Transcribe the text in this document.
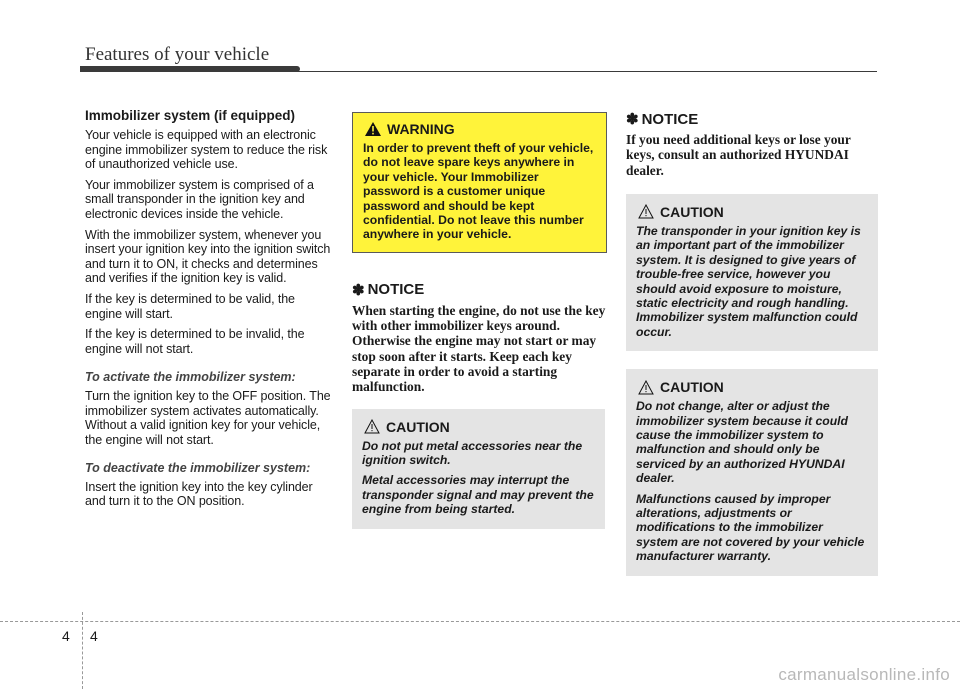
Features of your vehicle
Immobilizer system (if equipped)

Your vehicle is equipped with an electronic engine immobilizer system to reduce the risk of unauthorized vehicle use.

Your immobilizer system is comprised of a small transponder in the ignition key and electronic devices inside the vehicle.

With the immobilizer system, whenever you insert your ignition key into the ignition switch and turn it to ON, it checks and determines and verifies if the ignition key is valid.

If the key is determined to be valid, the engine will start.

If the key is determined to be invalid, the engine will not start.

To activate the immobilizer system:

Turn the ignition key to the OFF position. The immobilizer system activates automatically. Without a valid ignition key for your vehicle, the engine will not start.

To deactivate the immobilizer system:

Insert the ignition key into the key cylinder and turn it to the ON position.

WARNING
In order to prevent theft of your vehicle, do not leave spare keys anywhere in your vehicle. Your Immobilizer password is a customer unique password and should be kept confidential. Do not leave this number anywhere in your vehicle.
✽ NOTICE
When starting the engine, do not use the key with other immobilizer keys around. Otherwise the engine may not start or may stop soon after it starts. Keep each key separate in order to avoid a starting malfunction.
CAUTION

Do not put metal accessories near the ignition switch.

Metal accessories may interrupt the transponder signal and may prevent the engine from being started.

✽ NOTICE
If you need additional keys or lose your keys, consult an authorized HYUNDAI dealer.
CAUTION

The transponder in your ignition key is an important part of the immobilizer system. It is designed to give years of trouble-free service, however you should avoid exposure to moisture, static electricity and rough handling. Immobilizer system malfunction could occur.

CAUTION

Do not change, alter or adjust the immobilizer system because it could cause the immobilizer system to malfunction and should only be serviced by an authorized HYUNDAI dealer.

Malfunctions caused by improper alterations, adjustments or modifications to the immobilizer system are not covered by your vehicle manufacturer warranty.

4 4
carmanualsonline.info
